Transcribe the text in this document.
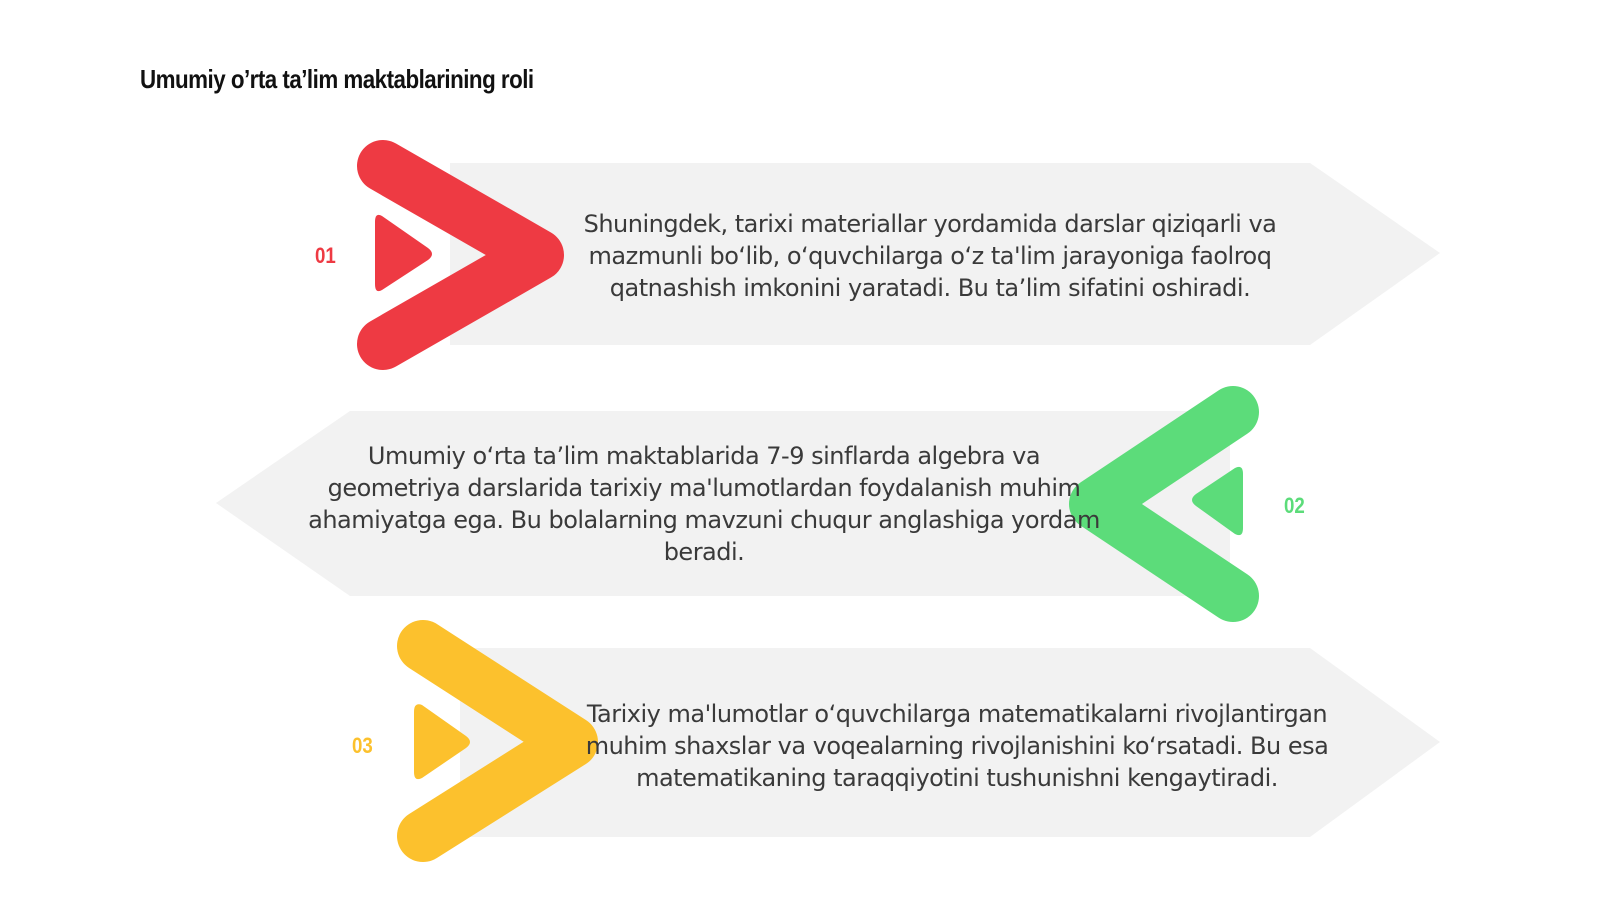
Umumiy o’rta ta’lim maktablarining roli
01
02
03
Shuningdek, tarixi materiallar yordamida darslar qiziqarli va mazmunli bo‘lib, o‘quvchilarga o‘z ta'lim jarayoniga faolroq qatnashish imkonini yaratadi. Bu ta’lim sifatini oshiradi.
Umumiy o‘rta ta’lim maktablarida 7-9 sinflarda algebra va geometriya darslarida tarixiy ma'lumotlardan foydalanish muhim ahamiyatga ega. Bu bolalarning mavzuni chuqur anglashiga yordam beradi.
Tarixiy ma'lumotlar o‘quvchilarga matematikalarni rivojlantirgan muhim shaxslar va voqealarning rivojlanishini ko‘rsatadi. Bu esa matematikaning taraqqiyotini tushunishni kengaytiradi.
